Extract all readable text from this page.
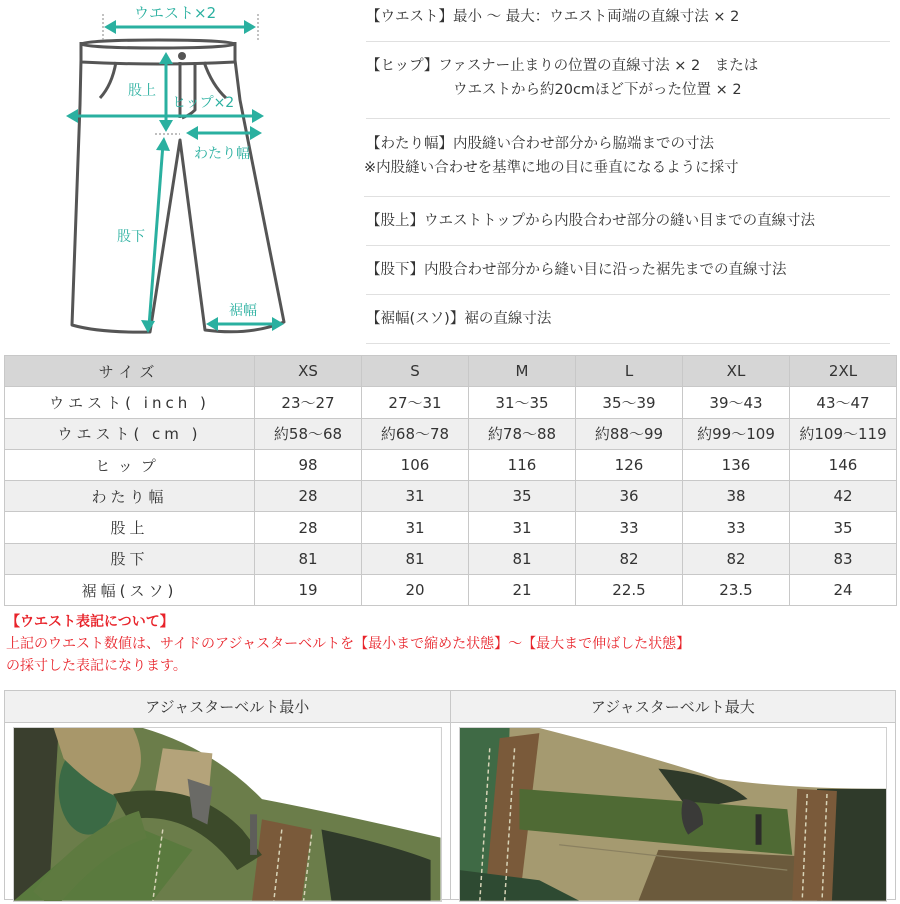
ウエスト×2
股上
ヒップ×2
わたり幅
股下
裾幅
【ウエスト】最小 ～ 最大：ウエスト両端の直線寸法 × 2
【ヒップ】ファスナー止まりの位置の直線寸法 × 2　または
ウエストから約20cmほど下がった位置 × 2
【わたり幅】内股縫い合わせ部分から脇端までの寸法
※内股縫い合わせを基準に地の目に垂直になるように採寸
【股上】ウエストトップから内股合わせ部分の縫い目までの直線寸法
【股下】内股合わせ部分から縫い目に沿った裾先までの直線寸法
【裾幅(スソ)】裾の直線寸法
サイズ	XS	S	M	L	XL	2XL
ウエスト( inch )	23～27	27～31	31～35	35～39	39～43	43～47
ウエスト( cm )	約58～68	約68～78	約78～88	約88～99	約99～109	約109～119
ヒップ	98	106	116	126	136	146
わたり幅	28	31	35	36	38	42
股上	28	31	31	33	33	35
股下	81	81	81	82	82	83
裾幅(スソ)	19	20	21	22.5	23.5	24
【ウエスト表記について】
上記のウエスト数値は、サイドのアジャスターベルトを【最小まで縮めた状態】～【最大まで伸ばした状態】
の採寸した表記になります。
アジャスターベルト最小	アジャスターベルト最大
